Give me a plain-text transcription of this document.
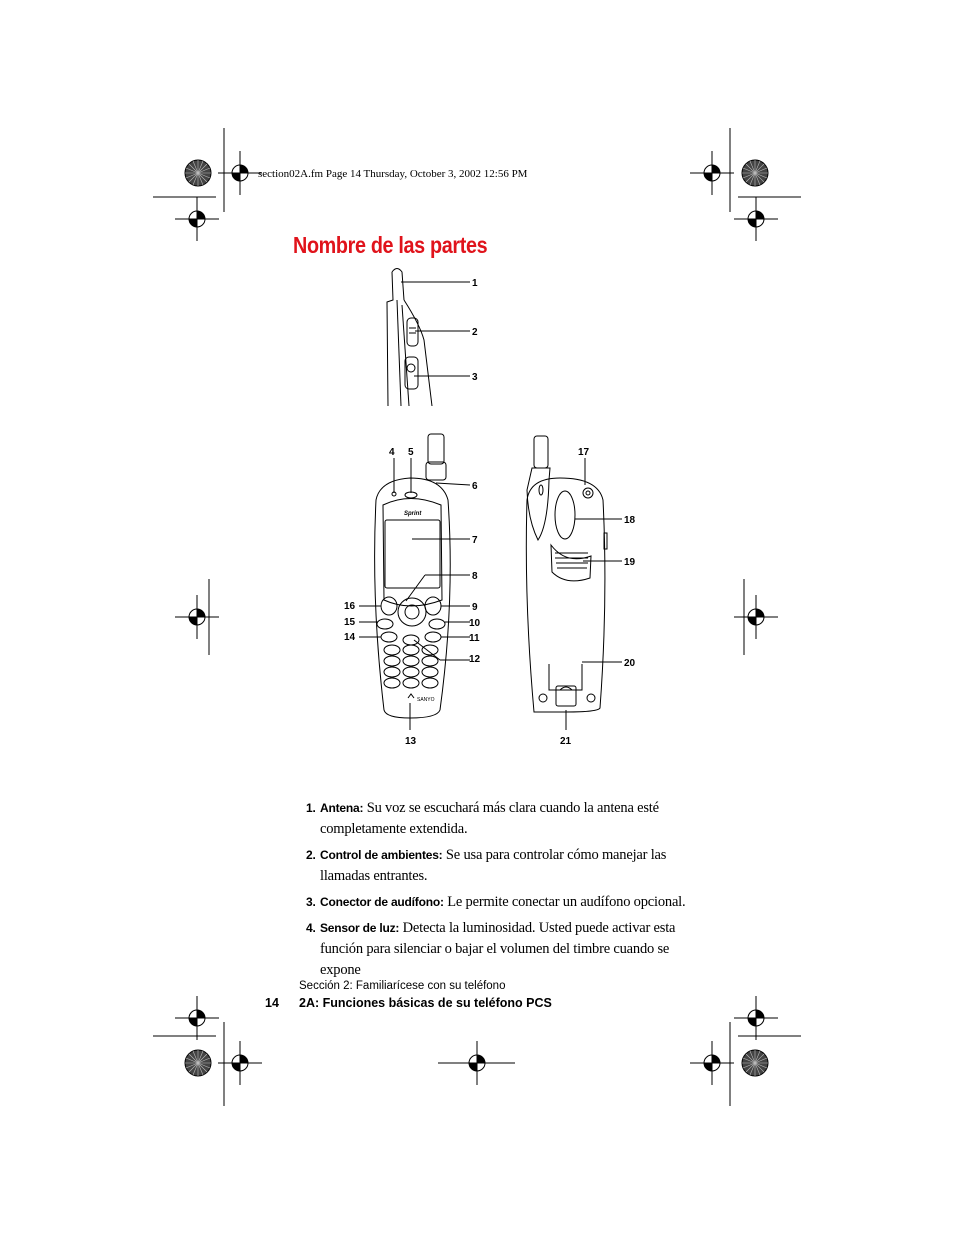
section02A.fm Page 14 Thursday, October 3, 2002 12:56 PM
Nombre de las partes
Sprint
SANYO
1
2
3
4 5
6
7
8
9
10
11
12
13
14
15
16
17
18
19
20
21
1. Antena: Su voz se escuchará más clara cuando la antena esté completamente extendida.
2. Control de ambientes: Se usa para controlar cómo manejar las llamadas entrantes.
3. Conector de audífono: Le permite conectar un audífono opcional.
4. Sensor de luz: Detecta la luminosidad. Usted puede activar esta función para silenciar o bajar el volumen del timbre cuando se expone
Sección 2: Familiarícese con su teléfono
14 2A: Funciones básicas de su teléfono PCS
